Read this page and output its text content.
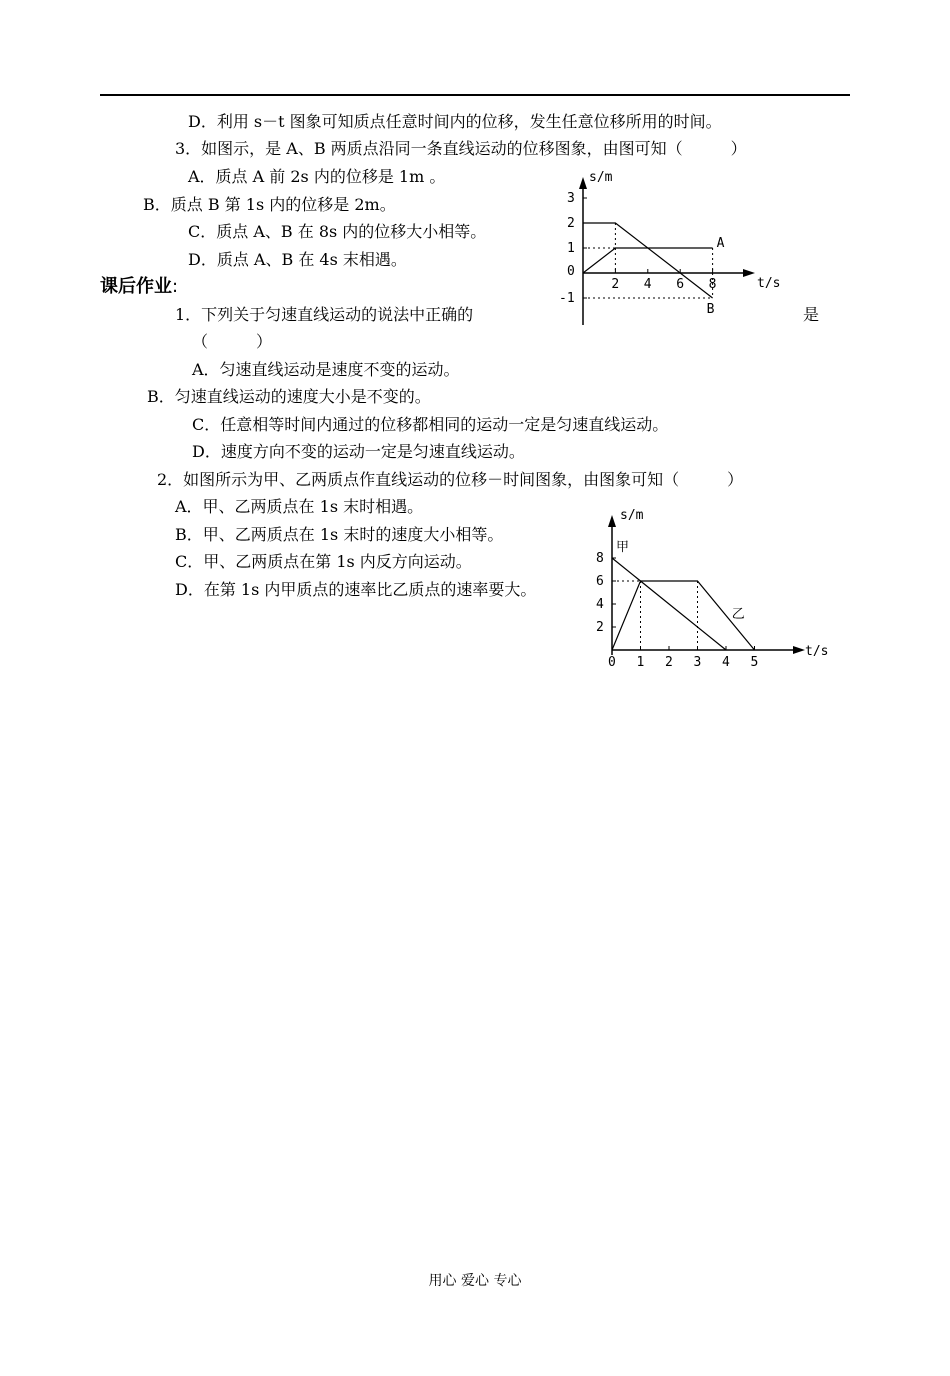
D．利用 s－t 图象可知质点任意时间内的位移，发生任意位移所用的时间。
3．如图示，是 A、B 两质点沿同一条直线运动的位移图象，由图可知（　　　）
A．质点 A 前 2s 内的位移是 1m 。
B．质点 B 第 1s 内的位移是 2m。
C．质点 A、B 在 8s 内的位移大小相等。
D．质点 A、B 在 4s 末相遇。
课后作业:
1．下列关于匀速直线运动的说法中正确的	是
（　　　）
A．匀速直线运动是速度不变的运动。
B．匀速直线运动的速度大小是不变的。
C．任意相等时间内通过的位移都相同的运动一定是匀速直线运动。
D．速度方向不变的运动一定是匀速直线运动。
2．如图所示为甲、乙两质点作直线运动的位移－时间图象，由图象可知（　　　）
A．甲、乙两质点在 1s 末时相遇。
B．甲、乙两质点在 1s 末时的速度大小相等。
C．甲、乙两质点在第 1s 内反方向运动。
D．在第 1s 内甲质点的速率比乙质点的速率要大。
A
B
s/m
t/s
2 4 6 8
3
2
1
0
-1
甲
乙
s/m
t/s
0 1 2 3 4 5
8
6
4
2
用心 爱心 专心
